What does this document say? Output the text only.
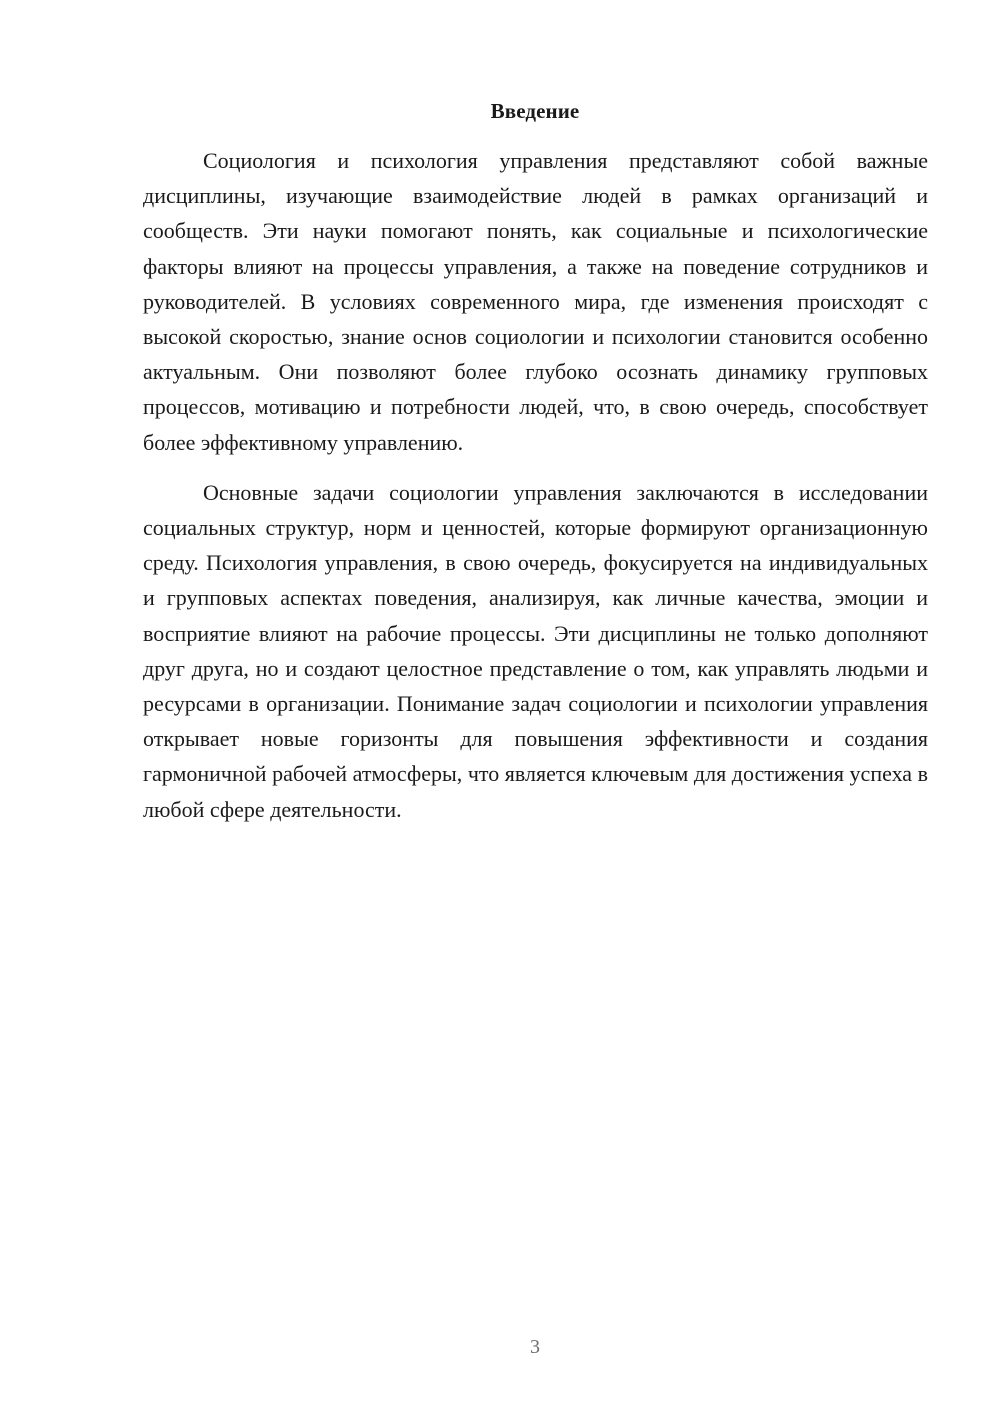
Введение

Социология и психология управления представляют собой важные дисциплины, изучающие взаимодействие людей в рамках организаций и сообществ. Эти науки помогают понять, как социальные и психологические факторы влияют на процессы управления, а также на поведение сотрудников и руководителей. В условиях современного мира, где изменения происходят с высокой скоростью, знание основ социологии и психологии становится особенно актуальным. Они позволяют более глубоко осознать динамику групповых процессов, мотивацию и потребности людей, что, в свою очередь, способствует более эффективному управлению.

Основные задачи социологии управления заключаются в исследовании социальных структур, норм и ценностей, которые формируют организационную среду. Психология управления, в свою очередь, фокусируется на индивидуальных и групповых аспектах поведения, анализируя, как личные качества, эмоции и восприятие влияют на рабочие процессы. Эти дисциплины не только дополняют друг друга, но и создают целостное представление о том, как управлять людьми и ресурсами в организации. Понимание задач социологии и психологии управления открывает новые горизонты для повышения эффективности и создания гармоничной рабочей атмосферы, что является ключевым для достижения успеха в любой сфере деятельности.

3
